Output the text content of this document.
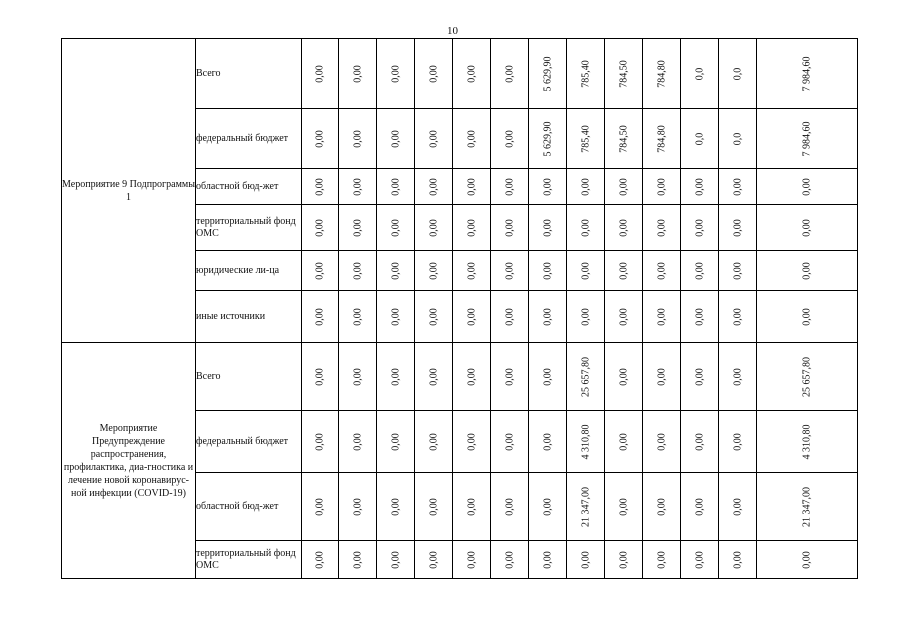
10
Мероприятие 9 Подпрограммы 1	Всего	0,00	0,00	0,00	0,00	0,00	0,00	5 629,90	785,40	784,50	784,80	0,0	0,0	7 984,60

	федеральный бюджет	0,00	0,00	0,00	0,00	0,00	0,00	5 629,90	785,40	784,50	784,80	0,0	0,0	7 984,60

	областной бюд-жет	0,00	0,00	0,00	0,00	0,00	0,00	0,00	0,00	0,00	0,00	0,00	0,00	0,00

	территориальный фонд ОМС	0,00	0,00	0,00	0,00	0,00	0,00	0,00	0,00	0,00	0,00	0,00	0,00	0,00

	юридические ли-ца	0,00	0,00	0,00	0,00	0,00	0,00	0,00	0,00	0,00	0,00	0,00	0,00	0,00

	иные источники	0,00	0,00	0,00	0,00	0,00	0,00	0,00	0,00	0,00	0,00	0,00	0,00	0,00

Мероприятие Предупреждение распространения, профилактика, диа-гностика и лечение новой коронавирус-ной инфекции (COVID-19)	Всего	0,00	0,00	0,00	0,00	0,00	0,00	0,00	25 657,80	0,00	0,00	0,00	0,00	25 657,80

	федеральный бюджет	0,00	0,00	0,00	0,00	0,00	0,00	0,00	4 310,80	0,00	0,00	0,00	0,00	4 310,80

	областной бюд-жет	0,00	0,00	0,00	0,00	0,00	0,00	0,00	21 347,00	0,00	0,00	0,00	0,00	21 347,00

	территориальный фонд ОМС	0,00	0,00	0,00	0,00	0,00	0,00	0,00	0,00	0,00	0,00	0,00	0,00	0,00
